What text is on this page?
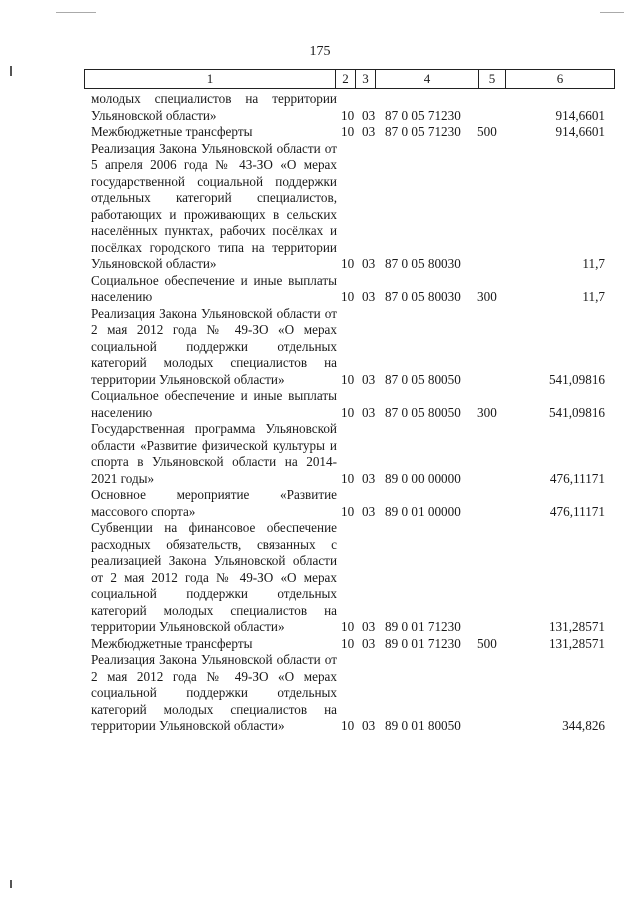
175
1	2	3	4	5	6
молодых специалистов на территории Ульяновской области»	10 03 87 0 05 71230	914,6601
Межбюджетные трансферты	10 03 87 0 05 71230 500	914,6601
Реализация Закона Ульяновской области от 5 апреля 2006 года № 43-ЗО «О мерах государственной социальной поддержки отдельных категорий специалистов, работающих и проживающих в сельских населённых пунктах, рабочих посёлках и посёлках городского типа на территории Ульяновской области»	10 03 87 0 05 80030	11,7
Социальное обеспечение и иные выплаты населению	10 03 87 0 05 80030 300	11,7
Реализация Закона Ульяновской области от 2 мая 2012 года № 49-ЗО «О мерах социальной поддержки отдельных категорий молодых специалистов на территории Ульяновской области»	10 03 87 0 05 80050	541,09816
Социальное обеспечение и иные выплаты населению	10 03 87 0 05 80050 300	541,09816
Государственная программа Ульяновской области «Развитие физической культуры и спорта в Ульяновской области на 2014-2021 годы»	10 03 89 0 00 00000	476,11171
Основное мероприятие «Развитие массового спорта»	10 03 89 0 01 00000	476,11171
Субвенции на финансовое обеспечение расходных обязательств, связанных с реализацией Закона Ульяновской области от 2 мая 2012 года № 49-ЗО «О мерах социальной поддержки отдельных категорий молодых специалистов на территории Ульяновской области»	10 03 89 0 01 71230	131,28571
Межбюджетные трансферты	10 03 89 0 01 71230 500	131,28571
Реализация Закона Ульяновской области от 2 мая 2012 года № 49-ЗО «О мерах социальной поддержки отдельных категорий молодых специалистов на территории Ульяновской области»	10 03 89 0 01 80050	344,826
